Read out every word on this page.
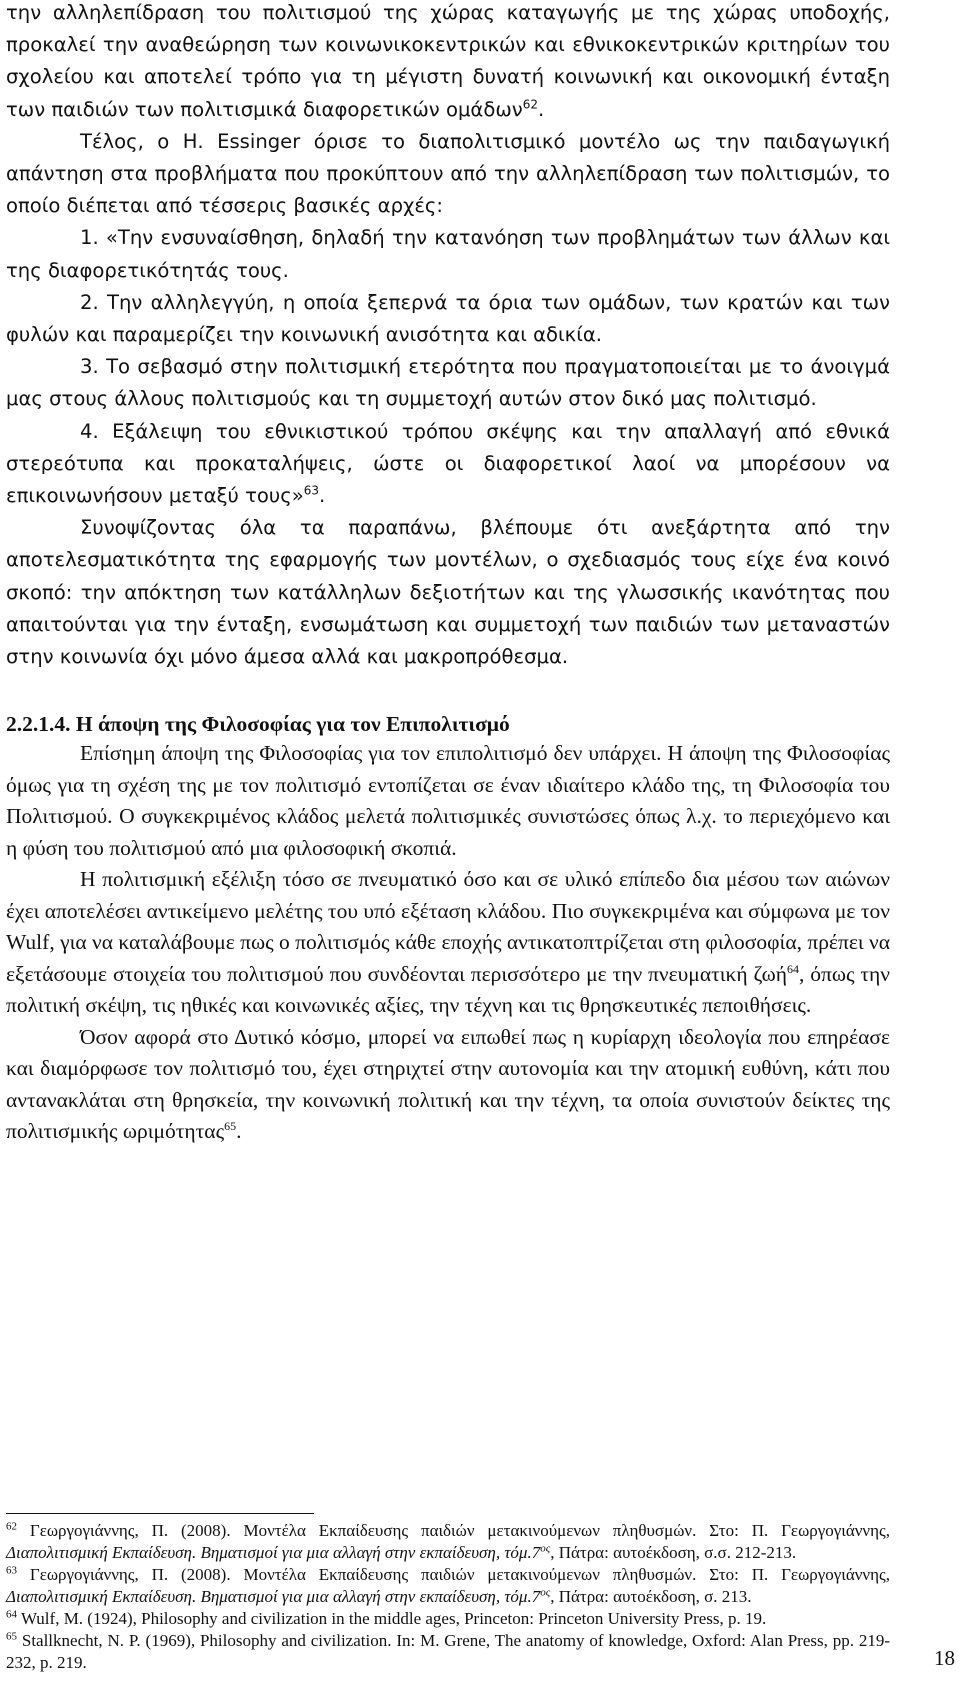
την αλληλεπίδραση του πολιτισμού της χώρας καταγωγής με της χώρας υποδοχής, προκαλεί την αναθεώρηση των κοινωνικοκεντρικών και εθνικοκεντρικών κριτηρίων του σχολείου και αποτελεί τρόπο για τη μέγιστη δυνατή κοινωνική και οικονομική ένταξη των παιδιών των πολιτισμικά διαφορετικών ομάδων$^{62}$.

Τέλος, ο Η. Essinger όρισε το διαπολιτισμικό μοντέλο ως την παιδαγωγική απάντηση στα προβλήματα που προκύπτουν από την αλληλεπίδραση των πολιτισμών, το οποίο διέπεται από τέσσερις βασικές αρχές:

1. «Την ενσυναίσθηση, δηλαδή την κατανόηση των προβλημάτων των άλλων και της διαφορετικότητάς τους.

2. Την αλληλεγγύη, η οποία ξεπερνά τα όρια των ομάδων, των κρατών και των φυλών και παραμερίζει την κοινωνική ανισότητα και αδικία.

3. Το σεβασμό στην πολιτισμική ετερότητα που πραγματοποιείται με το άνοιγμά μας στους άλλους πολιτισμούς και τη συμμετοχή αυτών στον δικό μας πολιτισμό.

4. Εξάλειψη του εθνικιστικού τρόπου σκέψης και την απαλλαγή από εθνικά στερεότυπα και προκαταλήψεις, ώστε οι διαφορετικοί λαοί να μπορέσουν να επικοινωνήσουν μεταξύ τους»$^{63}$.

Συνοψίζοντας όλα τα παραπάνω, βλέπουμε ότι ανεξάρτητα από την αποτελεσματικότητα της εφαρμογής των μοντέλων, ο σχεδιασμός τους είχε ένα κοινό σκοπό: την απόκτηση των κατάλληλων δεξιοτήτων και της γλωσσικής ικανότητας που απαιτούνται για την ένταξη, ενσωμάτωση και συμμετοχή των παιδιών των μεταναστών στην κοινωνία όχι μόνο άμεσα αλλά και μακροπρόθεσμα.

2.2.1.4. Η άποψη της Φιλοσοφίας για τον Επιπολιτισμό

Επίσημη άποψη της Φιλοσοφίας για τον επιπολιτισμό δεν υπάρχει. Η άποψη της Φιλοσοφίας όμως για τη σχέση της με τον πολιτισμό εντοπίζεται σε έναν ιδιαίτερο κλάδο της, τη Φιλοσοφία του Πολιτισμού. Ο συγκεκριμένος κλάδος μελετά πολιτισμικές συνιστώσες όπως λ.χ. το περιεχόμενο και η φύση του πολιτισμού από μια φιλοσοφική σκοπιά.

Η πολιτισμική εξέλιξη τόσο σε πνευματικό όσο και σε υλικό επίπεδο δια μέσου των αιώνων έχει αποτελέσει αντικείμενο μελέτης του υπό εξέταση κλάδου. Πιο συγκεκριμένα και σύμφωνα με τον Wulf, για να καταλάβουμε πως ο πολιτισμός κάθε εποχής αντικατοπτρίζεται στη φιλοσοφία, πρέπει να εξετάσουμε στοιχεία του πολιτισμού που συνδέονται περισσότερο με την πνευματική ζωή$^{64}$, όπως την πολιτική σκέψη, τις ηθικές και κοινωνικές αξίες, την τέχνη και τις θρησκευτικές πεποιθήσεις.

Όσον αφορά στο Δυτικό κόσμο, μπορεί να ειπωθεί πως η κυρίαρχη ιδεολογία που επηρέασε και διαμόρφωσε τον πολιτισμό του, έχει στηριχτεί στην αυτονομία και την ατομική ευθύνη, κάτι που αντανακλάται στη θρησκεία, την κοινωνική πολιτική και την τέχνη, τα οποία συνιστούν δείκτες της πολιτισμικής ωριμότητας$^{65}$.

$^{62}$ Γεωργογιάννης, Π. (2008). Μοντέλα Εκπαίδευσης παιδιών μετακινούμενων πληθυσμών. Στο: Π. Γεωργογιάννης, Διαπολιτισμική Εκπαίδευση. Βηματισμοί για μια αλλαγή στην εκπαίδευση, $\tau ό\mu.7^{o\varsigma}$, Πάτρα: αυτοέκδοση, σ.σ. 212-213.

$^{63}$ Γεωργογιάννης, Π. (2008). Μοντέλα Εκπαίδευσης παιδιών μετακινούμενων πληθυσμών. Στο: Π. Γεωργογιάννης, Διαπολιτισμική Εκπαίδευση. Βηματισμοί για μια αλλαγή στην εκπαίδευση, $\tau ό\mu.7^{o\varsigma}$, Πάτρα: αυτοέκδοση, σ. 213.

$^{64}$ Wulf, M. (1924), Philosophy and civilization in the middle ages, Princeton: Princeton University Press, p. 19.

$^{65}$ Stallknecht, N. P. (1969), Philosophy and civilization. In: M. Grene, The anatomy of knowledge, Oxford: Alan Press, pp. 219-232, p. 219.	18
